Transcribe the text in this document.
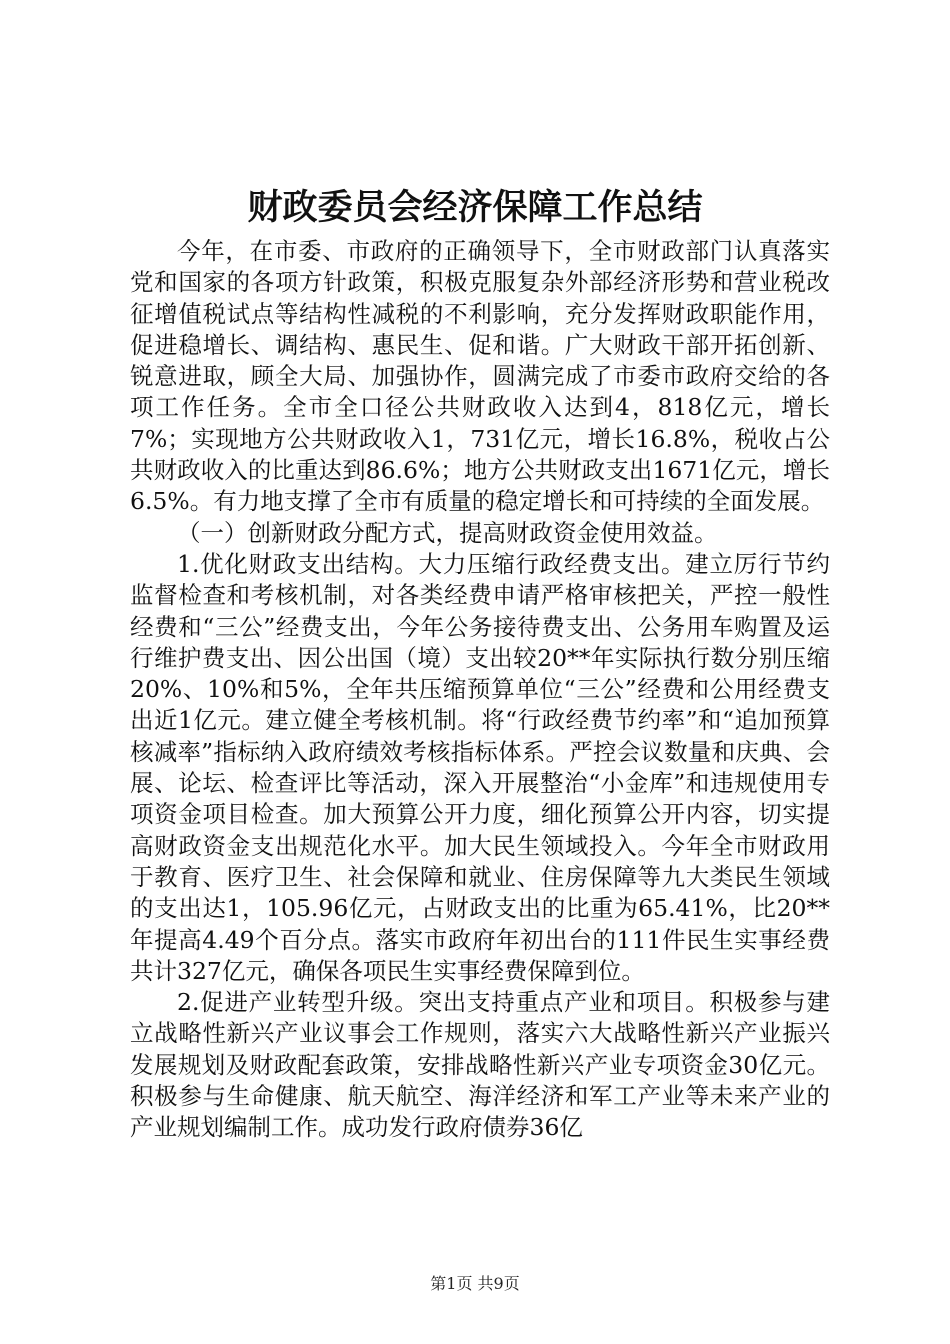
财政委员会经济保障工作总结

今年，在市委、市政府的正确领导下，全市财政部门认真落实党和国家的各项方针政策，积极克服复杂外部经济形势和营业税改征增值税试点等结构性减税的不利影响，充分发挥财政职能作用，促进稳增长、调结构、惠民生、促和谐。广大财政干部开拓创新、锐意进取，顾全大局、加强协作，圆满完成了市委市政府交给的各项工作任务。全市全口径公共财政收入达到4，818亿元，增长7%；实现地方公共财政收入1，731亿元，增长16.8%，税收占公共财政收入的比重达到86.6%；地方公共财政支出1671亿元，增长6.5%。有力地支撑了全市有质量的稳定增长和可持续的全面发展。

（一）创新财政分配方式，提高财政资金使用效益。

1.优化财政支出结构。大力压缩行政经费支出。建立厉行节约监督检查和考核机制，对各类经费申请严格审核把关，严控一般性经费和“三公”经费支出，今年公务接待费支出、公务用车购置及运行维护费支出、因公出国（境）支出较20**年实际执行数分别压缩20%、10%和5%，全年共压缩预算单位“三公”经费和公用经费支出近1亿元。建立健全考核机制。将“行政经费节约率”和“追加预算核减率”指标纳入政府绩效考核指标体系。严控会议数量和庆典、会展、论坛、检查评比等活动，深入开展整治“小金库”和违规使用专项资金项目检查。加大预算公开力度，细化预算公开内容，切实提高财政资金支出规范化水平。加大民生领域投入。今年全市财政用于教育、医疗卫生、社会保障和就业、住房保障等九大类民生领域的支出达1，105.96亿元，占财政支出的比重为65.41%，比20**年提高4.49个百分点。落实市政府年初出台的111件民生实事经费共计327亿元，确保各项民生实事经费保障到位。

2.促进产业转型升级。突出支持重点产业和项目。积极参与建立战略性新兴产业议事会工作规则，落实六大战略性新兴产业振兴发展规划及财政配套政策，安排战略性新兴产业专项资金30亿元。积极参与生命健康、航天航空、海洋经济和军工产业等未来产业的产业规划编制工作。成功发行政府债券36亿

第1页 共9页
